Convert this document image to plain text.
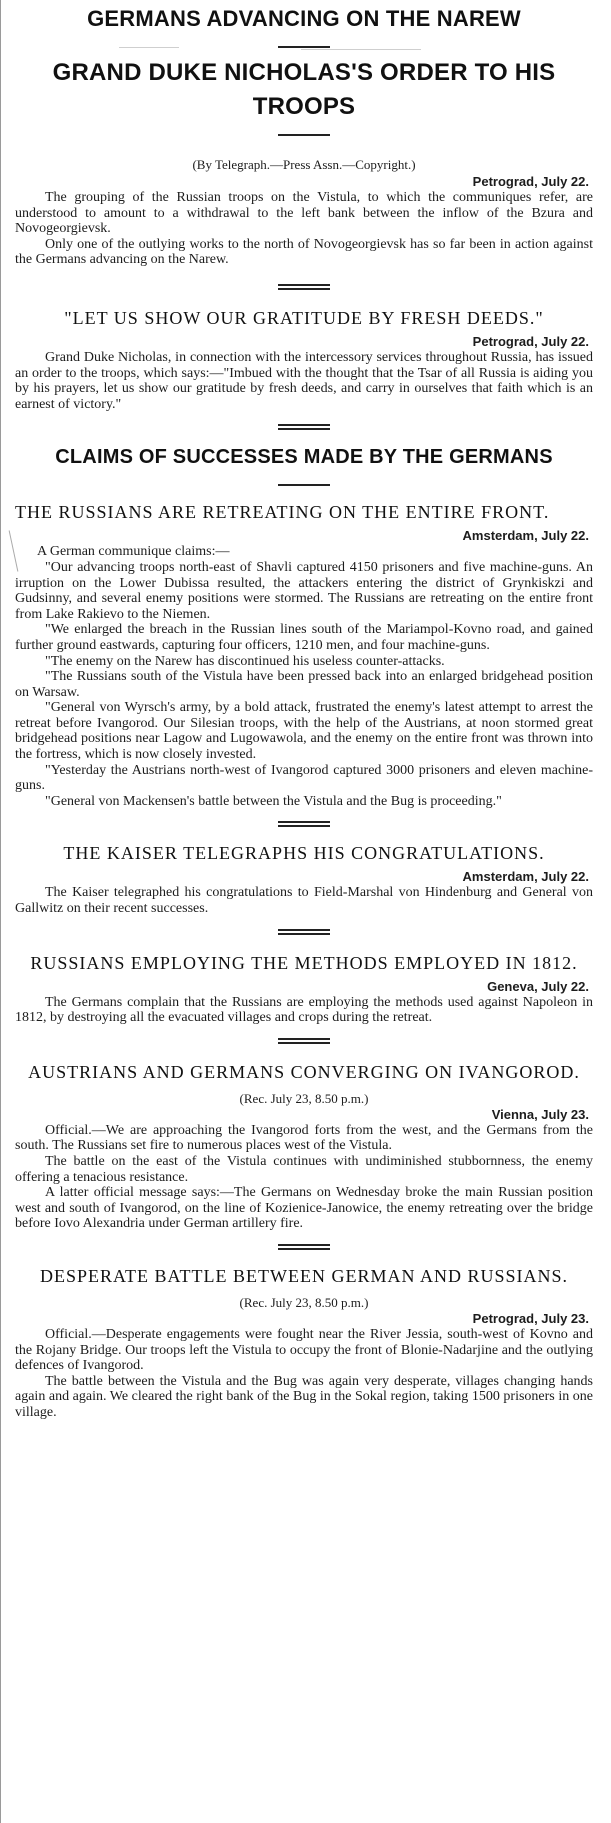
GERMANS ADVANCING ON THE NAREW
GRAND DUKE NICHOLAS'S ORDER TO HIS TROOPS
(By Telegraph.—Press Assn.—Copyright.)
Petrograd, July 22.

The grouping of the Russian troops on the Vistula, to which the communiques refer, are understood to amount to a withdrawal to the left bank between the inflow of the Bzura and Novogeorgievsk.

Only one of the outlying works to the north of Novogeorgievsk has so far been in action against the Germans advancing on the Narew.

"LET US SHOW OUR GRATITUDE BY FRESH DEEDS."
Petrograd, July 22.

Grand Duke Nicholas, in connection with the intercessory services throughout Russia, has issued an order to the troops, which says:—"Imbued with the thought that the Tsar of all Russia is aiding you by his prayers, let us show our gratitude by fresh deeds, and carry in ourselves that faith which is an earnest of victory."

CLAIMS OF SUCCESSES MADE BY THE GERMANS
THE RUSSIANS ARE RETREATING ON THE ENTIRE FRONT.
Amsterdam, July 22.

A German communique claims:—

"Our advancing troops north-east of Shavli captured 4150 prisoners and five machine-guns. An irruption on the Lower Dubissa resulted, the attackers entering the district of Grynkiskzi and Gudsinny, and several enemy positions were stormed. The Russians are retreating on the entire front from Lake Rakievo to the Niemen.

"We enlarged the breach in the Russian lines south of the Mariampol-Kovno road, and gained further ground eastwards, capturing four officers, 1210 men, and four machine-guns.

"The enemy on the Narew has discontinued his useless counter-attacks.

"The Russians south of the Vistula have been pressed back into an enlarged bridgehead position on Warsaw.

"General von Wyrsch's army, by a bold attack, frustrated the enemy's latest attempt to arrest the retreat before Ivangorod. Our Silesian troops, with the help of the Austrians, at noon stormed great bridgehead positions near Lagow and Lugowawola, and the enemy on the entire front was thrown into the fortress, which is now closely invested.

"Yesterday the Austrians north-west of Ivangorod captured 3000 prisoners and eleven machine-guns.

"General von Mackensen's battle between the Vistula and the Bug is proceeding."

THE KAISER TELEGRAPHS HIS CONGRATULATIONS.
Amsterdam, July 22.

The Kaiser telegraphed his congratulations to Field-Marshal von Hindenburg and General von Gallwitz on their recent successes.

RUSSIANS EMPLOYING THE METHODS EMPLOYED IN 1812.
Geneva, July 22.

The Germans complain that the Russians are employing the methods used against Napoleon in 1812, by destroying all the evacuated villages and crops during the retreat.

AUSTRIANS AND GERMANS CONVERGING ON IVANGOROD.
(Rec. July 23, 8.50 p.m.)
Vienna, July 23.

Official.—We are approaching the Ivangorod forts from the west, and the Germans from the south. The Russians set fire to numerous places west of the Vistula.

The battle on the east of the Vistula continues with undiminished stubbornness, the enemy offering a tenacious resistance.

A latter official message says:—The Germans on Wednesday broke the main Russian position west and south of Ivangorod, on the line of Kozienice-Janowice, the enemy retreating over the bridge before Iovo Alexandria under German artillery fire.

DESPERATE BATTLE BETWEEN GERMAN AND RUSSIANS.
(Rec. July 23, 8.50 p.m.)
Petrograd, July 23.

Official.—Desperate engagements were fought near the River Jessia, south-west of Kovno and the Rojany Bridge. Our troops left the Vistula to occupy the front of Blonie-Nadarjine and the outlying defences of Ivangorod.

The battle between the Vistula and the Bug was again very desperate, villages changing hands again and again. We cleared the right bank of the Bug in the Sokal region, taking 1500 prisoners in one village.
